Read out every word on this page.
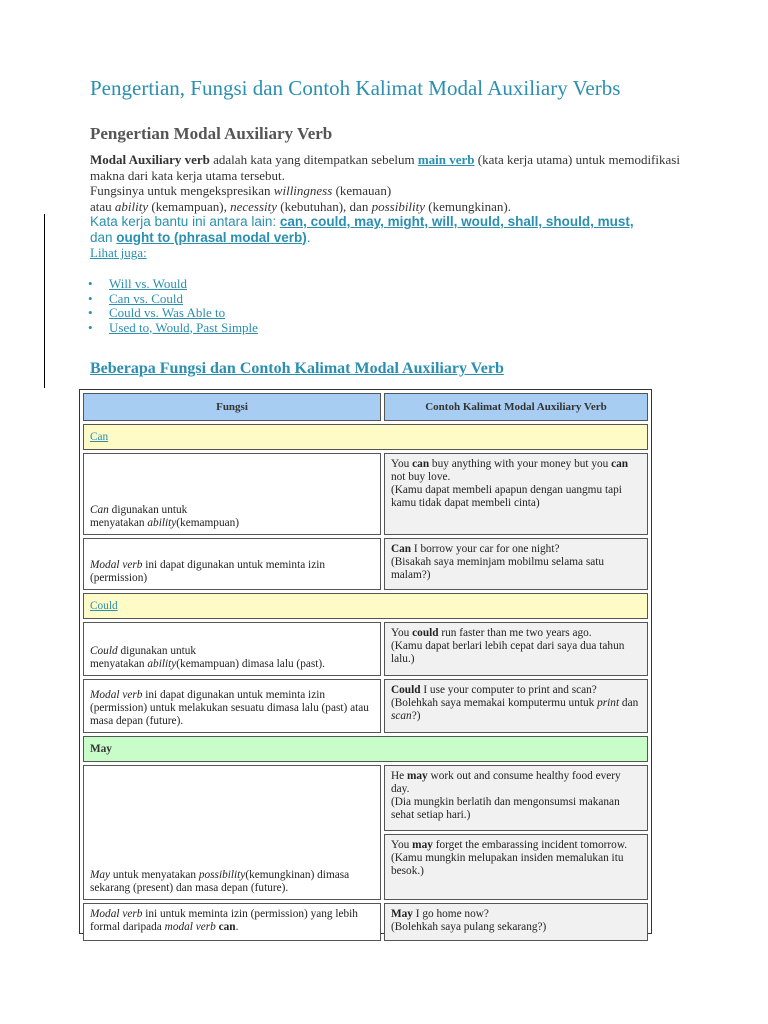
Pengertian, Fungsi dan Contoh Kalimat Modal Auxiliary Verbs
Pengertian Modal Auxiliary Verb

Modal Auxiliary verb adalah kata yang ditempatkan sebelum main verb (kata kerja utama) untuk memodifikasi makna dari kata kerja utama tersebut.

Fungsinya untuk mengekspresikan willingness (kemauan)

atau ability (kemampuan), necessity (kebutuhan), dan possibility (kemungkinan).

Kata kerja bantu ini antara lain: can, could, may, might, will, would, shall, should, must,
dan ought to (phrasal modal verb).

Lihat juga:

• Will vs. Would
• Can vs. Could
• Could vs. Was Able to
• Used to, Would, Past Simple
Beberapa Fungsi dan Contoh Kalimat Modal Auxiliary Verb
Fungsi	Contoh Kalimat Modal Auxiliary Verb
Can	
Can digunakan untuk
menyatakan ability(kemampuan)	You can buy anything with your money but you can not buy love.
(Kamu dapat membeli apapun dengan uangmu tapi kamu tidak dapat membeli cinta)
Modal verb ini dapat digunakan untuk meminta izin (permission)	Can I borrow your car for one night?
(Bisakah saya meminjam mobilmu selama satu malam?)
Could	
Could digunakan untuk
menyatakan ability(kemampuan) dimasa lalu (past).	You could run faster than me two years ago.
(Kamu dapat berlari lebih cepat dari saya dua tahun lalu.)
Modal verb ini dapat digunakan untuk meminta izin (permission) untuk melakukan sesuatu dimasa lalu (past) atau masa depan (future).	Could I use your computer to print and scan?
(Bolehkah saya memakai komputermu untuk print dan scan?)
May	
May untuk menyatakan possibility(kemungkinan) dimasa sekarang (present) dan masa depan (future).	He may work out and consume healthy food every day.
(Dia mungkin berlatih dan mengonsumsi makanan sehat setiap hari.)
	You may forget the embarassing incident tomorrow.
(Kamu mungkin melupakan insiden memalukan itu besok.)
Modal verb ini untuk meminta izin (permission) yang lebih formal daripada modal verb can.	May I go home now?
(Bolehkah saya pulang sekarang?)
